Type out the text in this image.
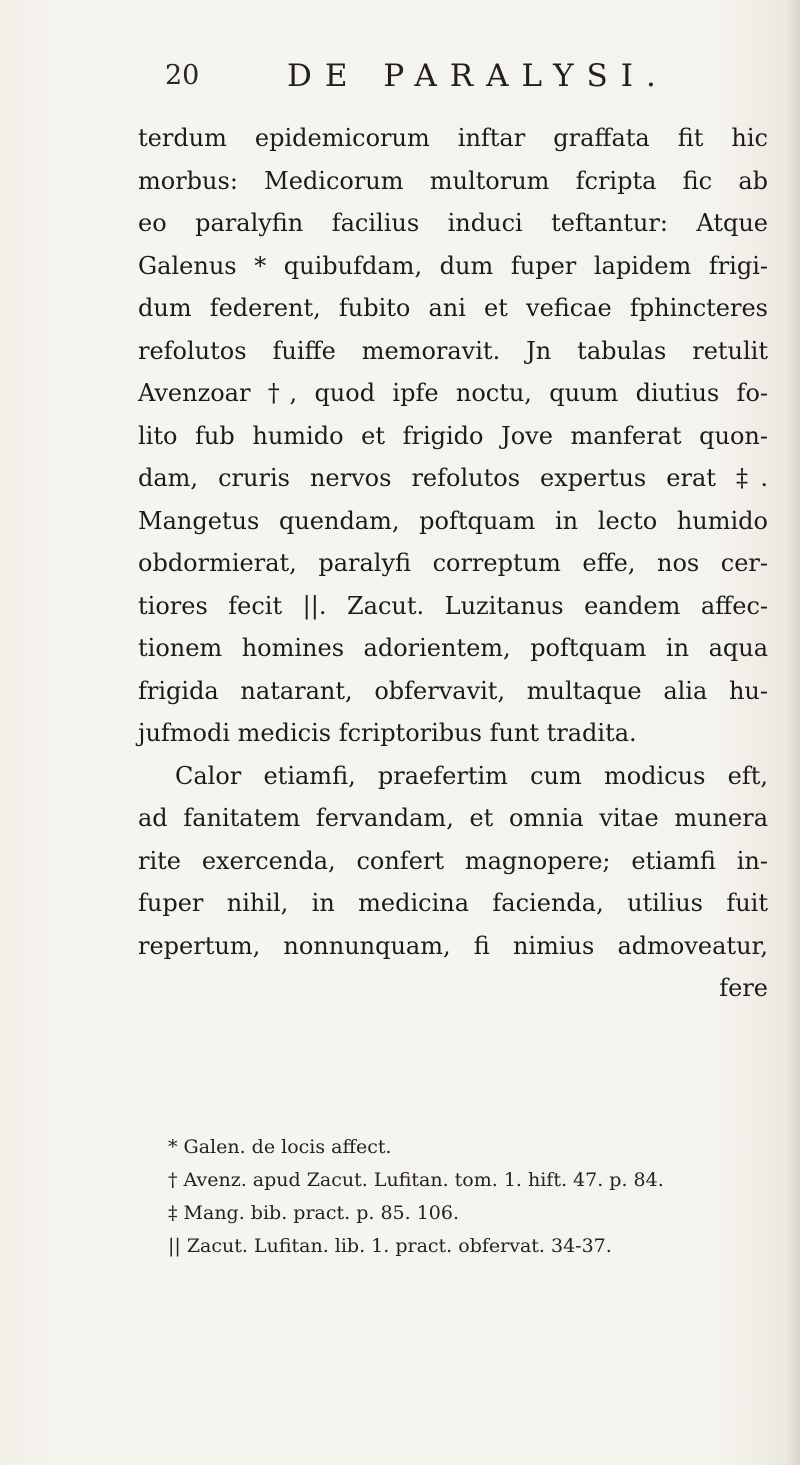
20	DE PARALYSI.
terdum epidemicorum inftar graffata fit hic
morbus: Medicorum multorum fcripta fic ab
eo paralyfin facilius induci teftantur: Atque
Galenus * quibufdam, dum fuper lapidem frigi-
dum federent, fubito ani et veficae fphincteres
refolutos fuiffe memoravit. Jn tabulas retulit
Avenzoar †, quod ipfe noctu, quum diutius fo-
lito fub humido et frigido Jove manferat quon-
dam, cruris nervos refolutos expertus erat ‡.
Mangetus quendam, poftquam in lecto humido
obdormierat, paralyfi correptum effe, nos cer-
tiores fecit ||. Zacut. Luzitanus eandem affec-
tionem homines adorientem, poftquam in aqua
frigida natarant, obfervavit, multaque alia hu-
jufmodi medicis fcriptoribus funt tradita.
Calor etiamfi, praefertim cum modicus eft,
ad fanitatem fervandam, et omnia vitae munera
rite exercenda, confert magnopere; etiamfi in-
fuper nihil, in medicina facienda, utilius fuit
repertum, nonnunquam, fi nimius admoveatur,
fere
* Galen. de locis affect.
† Avenz. apud Zacut. Lufitan. tom. 1. hift. 47. p. 84.
‡ Mang. bib. pract. p. 85. 106.
|| Zacut. Lufitan. lib. 1. pract. obfervat. 34-37.
